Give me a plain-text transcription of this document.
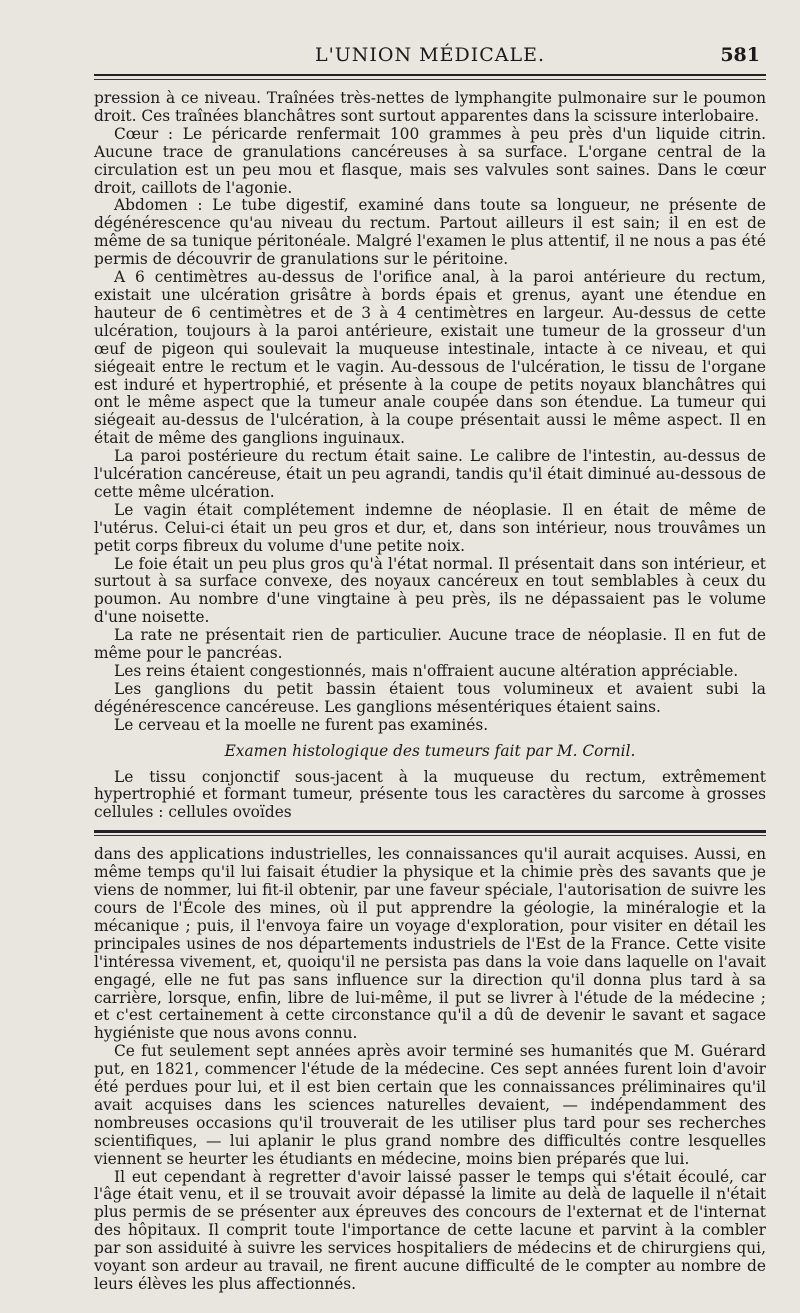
L'UNION MÉDICALE.	581

pression à ce niveau. Traînées très-nettes de lymphangite pulmonaire sur le poumon droit. Ces traînées blanchâtres sont surtout apparentes dans la scissure interlobaire.

Cœur : Le péricarde renfermait 100 grammes à peu près d'un liquide citrin. Aucune trace de granulations cancéreuses à sa surface. L'organe central de la circulation est un peu mou et flasque, mais ses valvules sont saines. Dans le cœur droit, caillots de l'agonie.

Abdomen : Le tube digestif, examiné dans toute sa longueur, ne présente de dégénérescence qu'au niveau du rectum. Partout ailleurs il est sain; il en est de même de sa tunique péritonéale. Malgré l'examen le plus attentif, il ne nous a pas été permis de découvrir de granulations sur le péritoine.

A 6 centimètres au-dessus de l'orifice anal, à la paroi antérieure du rectum, existait une ulcération grisâtre à bords épais et grenus, ayant une étendue en hauteur de 6 centimètres et de 3 à 4 centimètres en largeur. Au-dessus de cette ulcération, toujours à la paroi antérieure, existait une tumeur de la grosseur d'un œuf de pigeon qui soulevait la muqueuse intestinale, intacte à ce niveau, et qui siégeait entre le rectum et le vagin. Au-dessous de l'ulcération, le tissu de l'organe est induré et hypertrophié, et présente à la coupe de petits noyaux blanchâtres qui ont le même aspect que la tumeur anale coupée dans son étendue. La tumeur qui siégeait au-dessus de l'ulcération, à la coupe présentait aussi le même aspect. Il en était de même des ganglions inguinaux.

La paroi postérieure du rectum était saine. Le calibre de l'intestin, au-dessus de l'ulcération cancéreuse, était un peu agrandi, tandis qu'il était diminué au-dessous de cette même ulcération.

Le vagin était complétement indemne de néoplasie. Il en était de même de l'utérus. Celui-ci était un peu gros et dur, et, dans son intérieur, nous trouvâmes un petit corps fibreux du volume d'une petite noix.

Le foie était un peu plus gros qu'à l'état normal. Il présentait dans son intérieur, et surtout à sa surface convexe, des noyaux cancéreux en tout semblables à ceux du poumon. Au nombre d'une vingtaine à peu près, ils ne dépassaient pas le volume d'une noisette.

La rate ne présentait rien de particulier. Aucune trace de néoplasie. Il en fut de même pour le pancréas.

Les reins étaient congestionnés, mais n'offraient aucune altération appréciable.

Les ganglions du petit bassin étaient tous volumineux et avaient subi la dégénérescence cancéreuse. Les ganglions mésentériques étaient sains.

Le cerveau et la moelle ne furent pas examinés.

Examen histologique des tumeurs fait par M. Cornil.

Le tissu conjonctif sous-jacent à la muqueuse du rectum, extrêmement hypertrophié et formant tumeur, présente tous les caractères du sarcome à grosses cellules : cellules ovoïdes

dans des applications industrielles, les connaissances qu'il aurait acquises. Aussi, en même temps qu'il lui faisait étudier la physique et la chimie près des savants que je viens de nommer, lui fit-il obtenir, par une faveur spéciale, l'autorisation de suivre les cours de l'École des mines, où il put apprendre la géologie, la minéralogie et la mécanique ; puis, il l'envoya faire un voyage d'exploration, pour visiter en détail les principales usines de nos départements industriels de l'Est de la France. Cette visite l'intéressa vivement, et, quoiqu'il ne persista pas dans la voie dans laquelle on l'avait engagé, elle ne fut pas sans influence sur la direction qu'il donna plus tard à sa carrière, lorsque, enfin, libre de lui-même, il put se livrer à l'étude de la médecine ; et c'est certainement à cette circonstance qu'il a dû de devenir le savant et sagace hygiéniste que nous avons connu.

Ce fut seulement sept années après avoir terminé ses humanités que M. Guérard put, en 1821, commencer l'étude de la médecine. Ces sept années furent loin d'avoir été perdues pour lui, et il est bien certain que les connaissances préliminaires qu'il avait acquises dans les sciences naturelles devaient, — indépendamment des nombreuses occasions qu'il trouverait de les utiliser plus tard pour ses recherches scientifiques, — lui aplanir le plus grand nombre des difficultés contre lesquelles viennent se heurter les étudiants en médecine, moins bien préparés que lui.

Il eut cependant à regretter d'avoir laissé passer le temps qui s'était écoulé, car l'âge était venu, et il se trouvait avoir dépassé la limite au delà de laquelle il n'était plus permis de se présenter aux épreuves des concours de l'externat et de l'internat des hôpitaux. Il comprit toute l'importance de cette lacune et parvint à la combler par son assiduité à suivre les services hospitaliers de médecins et de chirurgiens qui, voyant son ardeur au travail, ne firent aucune difficulté de le compter au nombre de leurs élèves les plus affectionnés.
